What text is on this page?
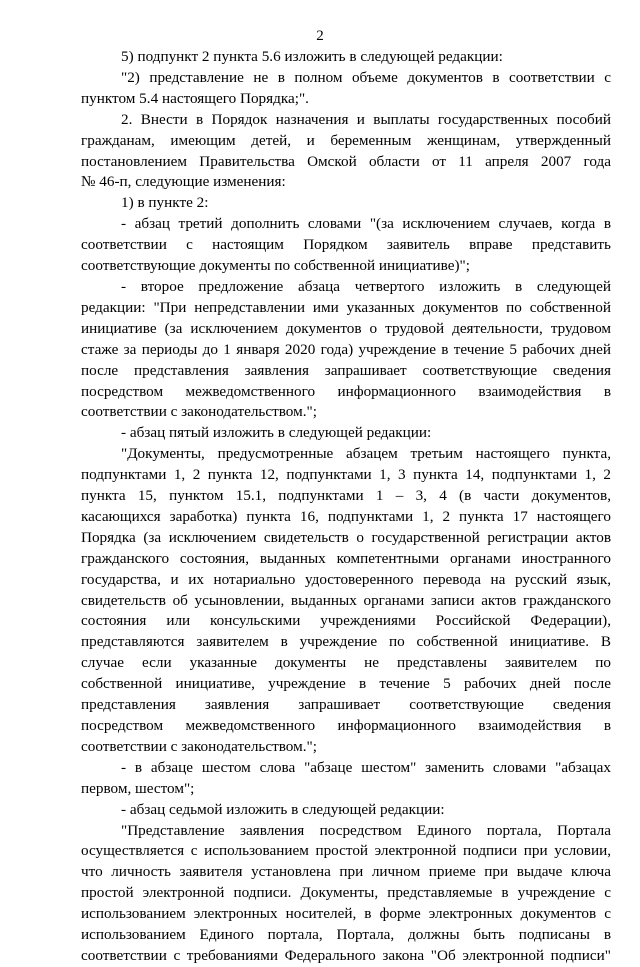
2
5) подпункт 2 пункта 5.6 изложить в следующей редакции:
"2) представление не в полном объеме документов в соответствии с
пунктом 5.4 настоящего Порядка;".
2. Внести в Порядок назначения и выплаты государственных пособий
гражданам, имеющим детей, и беременным женщинам, утвержденный
постановлением Правительства Омской области от 11 апреля 2007 года
№ 46-п, следующие изменения:
1) в пункте 2:
- абзац третий дополнить словами "(за исключением случаев, когда в
соответствии с настоящим Порядком заявитель вправе представить
соответствующие документы по собственной инициативе)";
- второе предложение абзаца четвертого изложить в следующей
редакции: "При непредставлении ими указанных документов по собственной
инициативе (за исключением документов о трудовой деятельности, трудовом
стаже за периоды до 1 января 2020 года) учреждение в течение 5 рабочих дней
после представления заявления запрашивает соответствующие сведения
посредством межведомственного информационного взаимодействия в
соответствии с законодательством.";
- абзац пятый изложить в следующей редакции:
"Документы, предусмотренные абзацем третьим настоящего пункта,
подпунктами 1, 2 пункта 12, подпунктами 1, 3 пункта 14, подпунктами 1, 2
пункта 15, пунктом 15.1, подпунктами 1 – 3, 4 (в части документов,
касающихся заработка) пункта 16, подпунктами 1, 2 пункта 17 настоящего
Порядка (за исключением свидетельств о государственной регистрации актов
гражданского состояния, выданных компетентными органами иностранного
государства, и их нотариально удостоверенного перевода на русский язык,
свидетельств об усыновлении, выданных органами записи актов гражданского
состояния или консульскими учреждениями Российской Федерации),
представляются заявителем в учреждение по собственной инициативе. В
случае если указанные документы не представлены заявителем по
собственной инициативе, учреждение в течение 5 рабочих дней после
представления заявления запрашивает соответствующие сведения
посредством межведомственного информационного взаимодействия в
соответствии с законодательством.";
- в абзаце шестом слова "абзаце шестом" заменить словами "абзацах
первом, шестом";
- абзац седьмой изложить в следующей редакции:
"Представление заявления посредством Единого портала, Портала
осуществляется с использованием простой электронной подписи при условии,
что личность заявителя установлена при личном приеме при выдаче ключа
простой электронной подписи. Документы, представляемые в учреждение с
использованием электронных носителей, в форме электронных документов с
использованием Единого портала, Портала, должны быть подписаны в
соответствии с требованиями Федерального закона "Об электронной подписи"
